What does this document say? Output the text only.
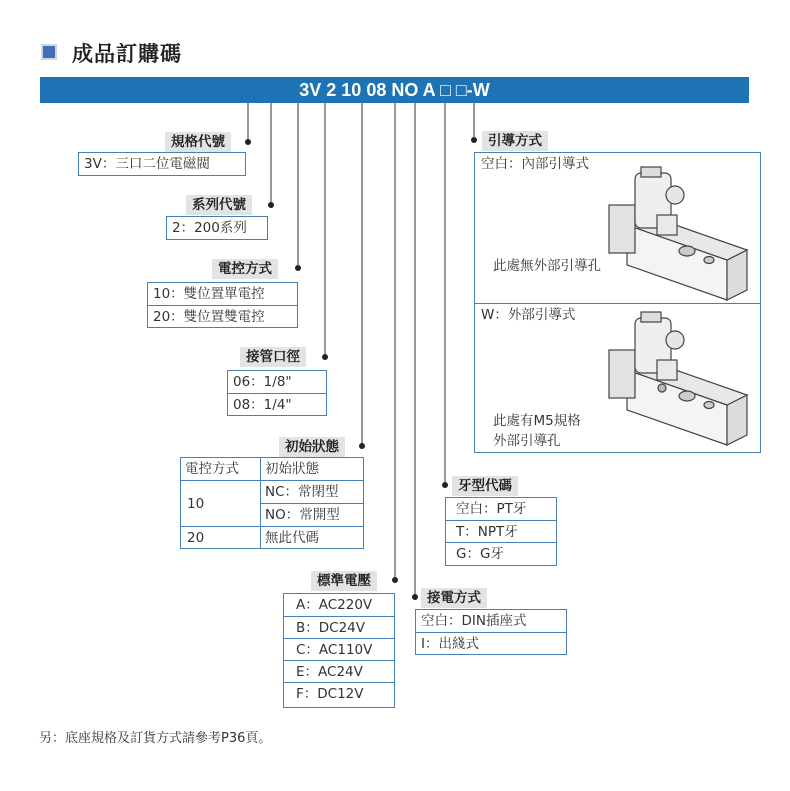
成品訂購碼
3V 2 10 08 NO A □ □-W
規格代號
3V：三口二位電磁閥
系列代號
2：200系列
電控方式
10：雙位置單電控
20：雙位置雙電控
接管口徑
06：1/8"
08：1/4"
初始狀態
電控方式 初始狀態
10
NC：常閉型
NO：常開型
20	無此代碼
標準電壓
A：AC220V
B：DC24V
C：AC110V
E：AC24V
F：DC12V
接電方式
空白：DIN插座式
I：出綫式
牙型代碼
空白：PT牙
T：NPT牙
G：G牙
引導方式
空白：內部引導式
此處無外部引導孔
W：外部引導式
此處有M5規格
外部引導孔
另：底座規格及訂貨方式請參考P36頁。
